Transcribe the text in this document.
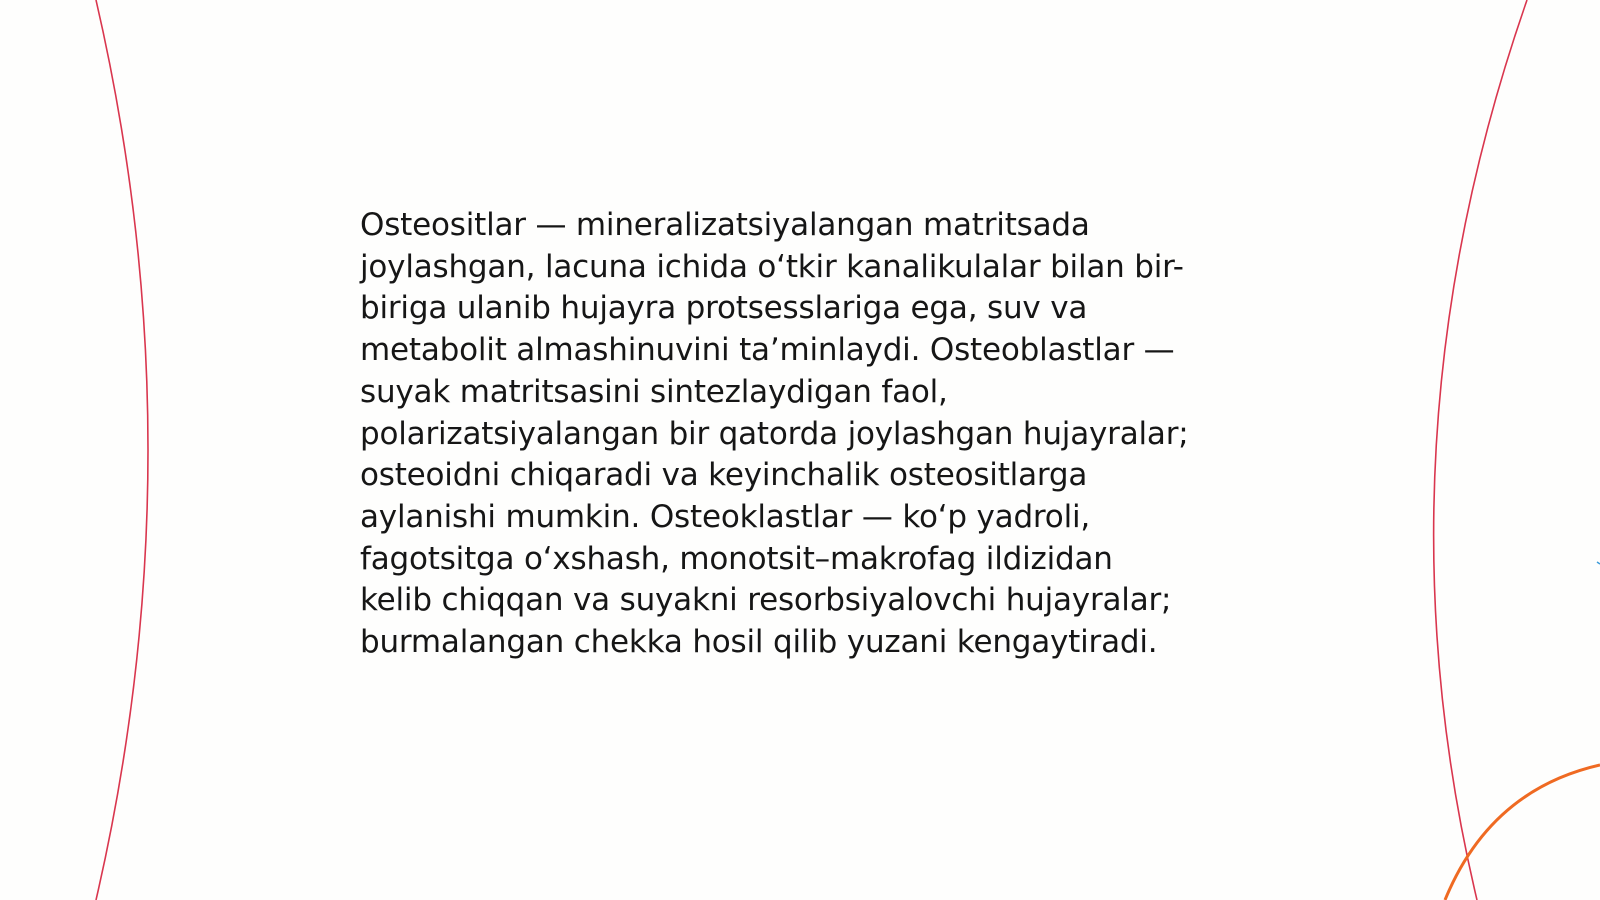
Osteositlar — mineralizatsiyalangan matritsada
joylashgan, lacuna ichida oʻtkir kanalikulalar bilan bir-
biriga ulanib hujayra protsesslariga ega, suv va
metabolit almashinuvini ta’minlaydi. Osteoblastlar —
suyak matritsasini sintezlaydigan faol,
polarizatsiyalangan bir qatorda joylashgan hujayralar;
osteoidni chiqaradi va keyinchalik osteositlarga
aylanishi mumkin. Osteoklastlar — koʻp yadroli,
fagotsitga oʻxshash, monotsit–makrofag ildizidan
kelib chiqqan va suyakni resorbsiyalovchi hujayralar;
burmalangan chekka hosil qilib yuzani kengaytiradi.
